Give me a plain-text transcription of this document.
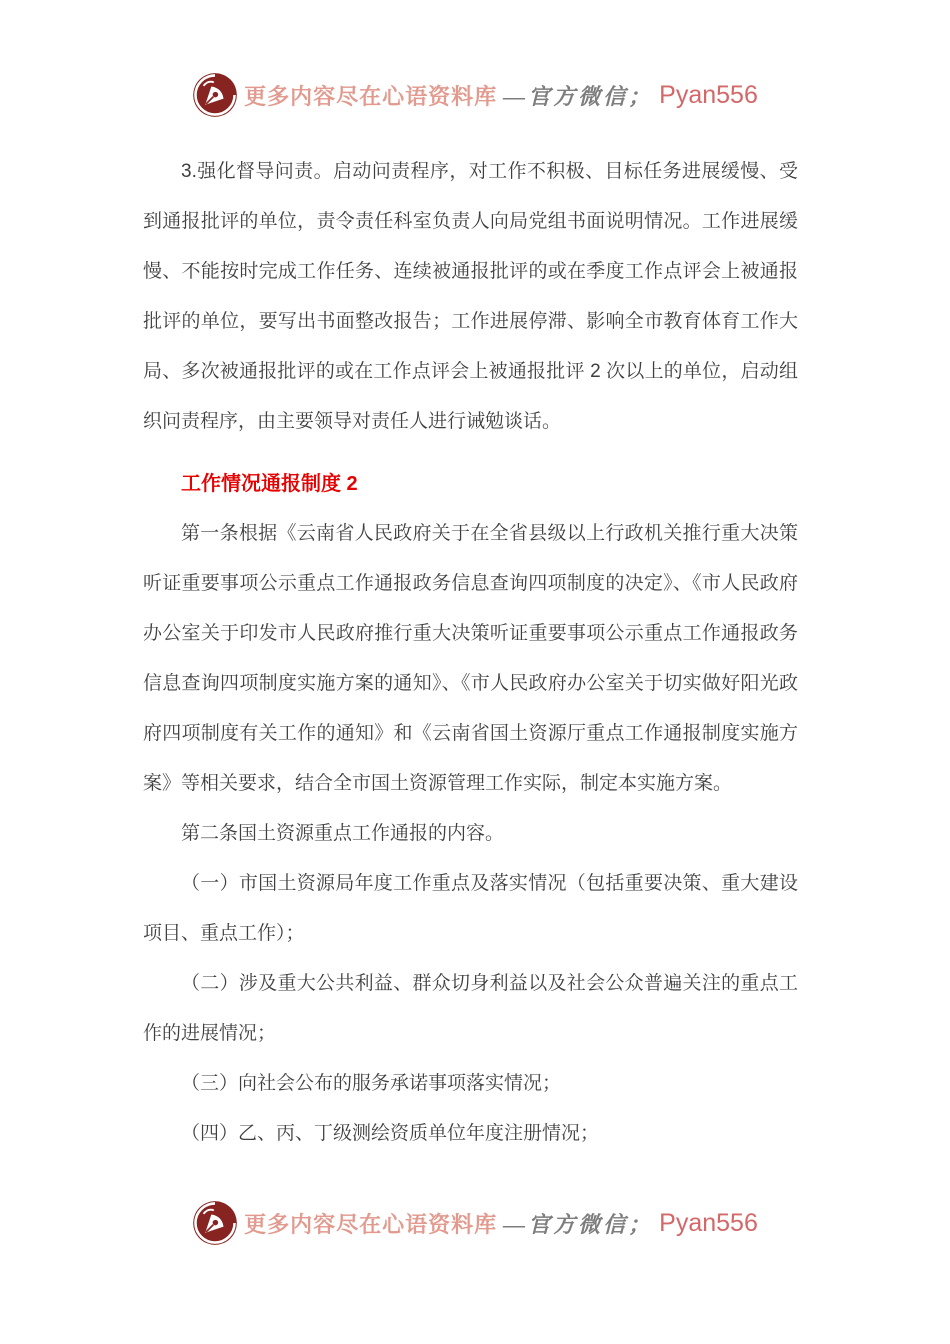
更多内容尽在心语资料库 —官方微信； Pyan556

3.强化督导问责。启动问责程序，对工作不积极、目标任务进展缓慢、受到通报批评的单位，责令责任科室负责人向局党组书面说明情况。工作进展缓慢、不能按时完成工作任务、连续被通报批评的或在季度工作点评会上被通报批评的单位，要写出书面整改报告；工作进展停滞、影响全市教育体育工作大局、多次被通报批评的或在工作点评会上被通报批评 2 次以上的单位，启动组织问责程序，由主要领导对责任人进行诫勉谈话。

工作情况通报制度 2

第一条根据《云南省人民政府关于在全省县级以上行政机关推行重大决策听证重要事项公示重点工作通报政务信息查询四项制度的决定》、《市人民政府办公室关于印发市人民政府推行重大决策听证重要事项公示重点工作通报政务信息查询四项制度实施方案的通知》、《市人民政府办公室关于切实做好阳光政府四项制度有关工作的通知》和《云南省国土资源厅重点工作通报制度实施方案》等相关要求，结合全市国土资源管理工作实际，制定本实施方案。

第二条国土资源重点工作通报的内容。

（一）市国土资源局年度工作重点及落实情况（包括重要决策、重大建设项目、重点工作）；

（二）涉及重大公共利益、群众切身利益以及社会公众普遍关注的重点工作的进展情况；

（三）向社会公布的服务承诺事项落实情况；

（四）乙、丙、丁级测绘资质单位年度注册情况；

更多内容尽在心语资料库 —官方微信； Pyan556
